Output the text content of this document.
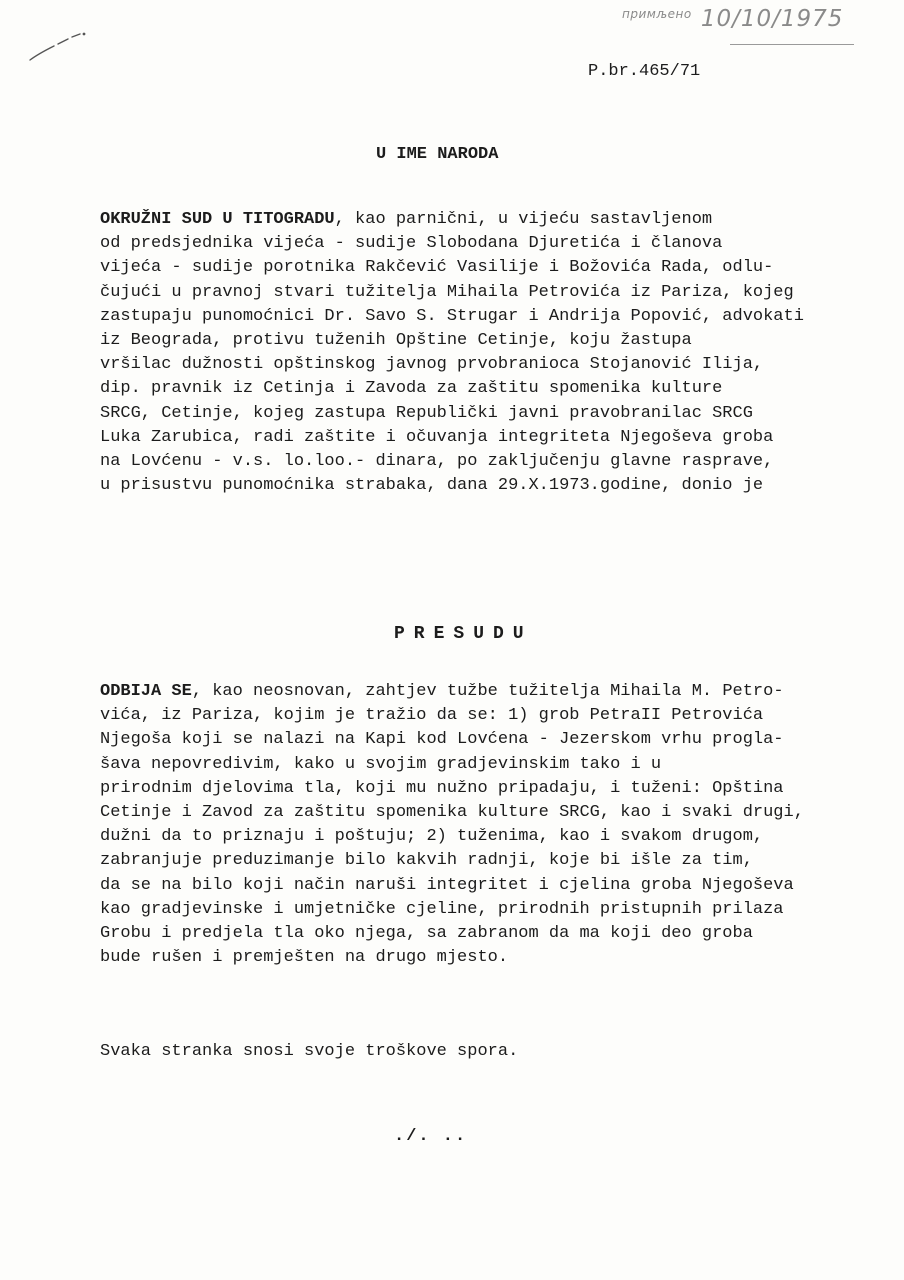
$^{примљено}$ 10/10/1975
P.br.465/71
U IME NARODA
OKRUŽNI SUD U TITOGRADU, kao parnični, u vijeću sastavljenom
od predsjednika vijeća - sudije Slobodana Djuretića i članova
vijeća - sudije porotnika Rakčević Vasilije i Božovića Rada, odlu-
čujući u pravnoj stvari tužitelja Mihaila Petrovića iz Pariza, kojeg
zastupaju punomoćnici Dr. Savo S. Strugar i Andrija Popović, advokati
iz Beograda, protivu tuženih Opštine Cetinje, koju žastupa
vršilac dužnosti opštinskog javnog prvobranioca Stojanović Ilija,
dip. pravnik iz Cetinja i Zavoda za zaštitu spomenika kulture
SRCG, Cetinje, kojeg zastupa Republički javni pravobranilac SRCG
Luka Zarubica, radi zaštite i očuvanja integriteta Njegoševa groba
na Lovćenu - v.s. lo.loo.- dinara, po zaključenju glavne rasprave,
u prisustvu punomoćnika strabaka, dana 29.X.1973.godine, donio je
PRESUDU
ODBIJA SE, kao neosnovan, zahtjev tužbe tužitelja Mihaila M. Petro-
vića, iz Pariza, kojim je tražio da se: 1) grob PetraII Petrovića
Njegoša koji se nalazi na Kapi kod Lovćena - Jezerskom vrhu progla-
šava nepovredivim, kako u svojim gradjevinskim tako i u
prirodnim djelovima tla, koji mu nužno pripadaju, i tuženi: Opština
Cetinje i Zavod za zaštitu spomenika kulture SRCG, kao i svaki drugi,
dužni da to priznaju i poštuju; 2) tuženima, kao i svakom drugom,
zabranjuje preduzimanje bilo kakvih radnji, koje bi išle za tim,
da se na bilo koji način naruši integritet i cjelina groba Njegoševa
kao gradjevinske i umjetničke cjeline, prirodnih pristupnih prilaza
Grobu i predjela tla oko njega, sa zabranom da ma koji deo groba
bude rušen i premješten na drugo mjesto.
Svaka stranka snosi svoje troškove spora.
./. ..
